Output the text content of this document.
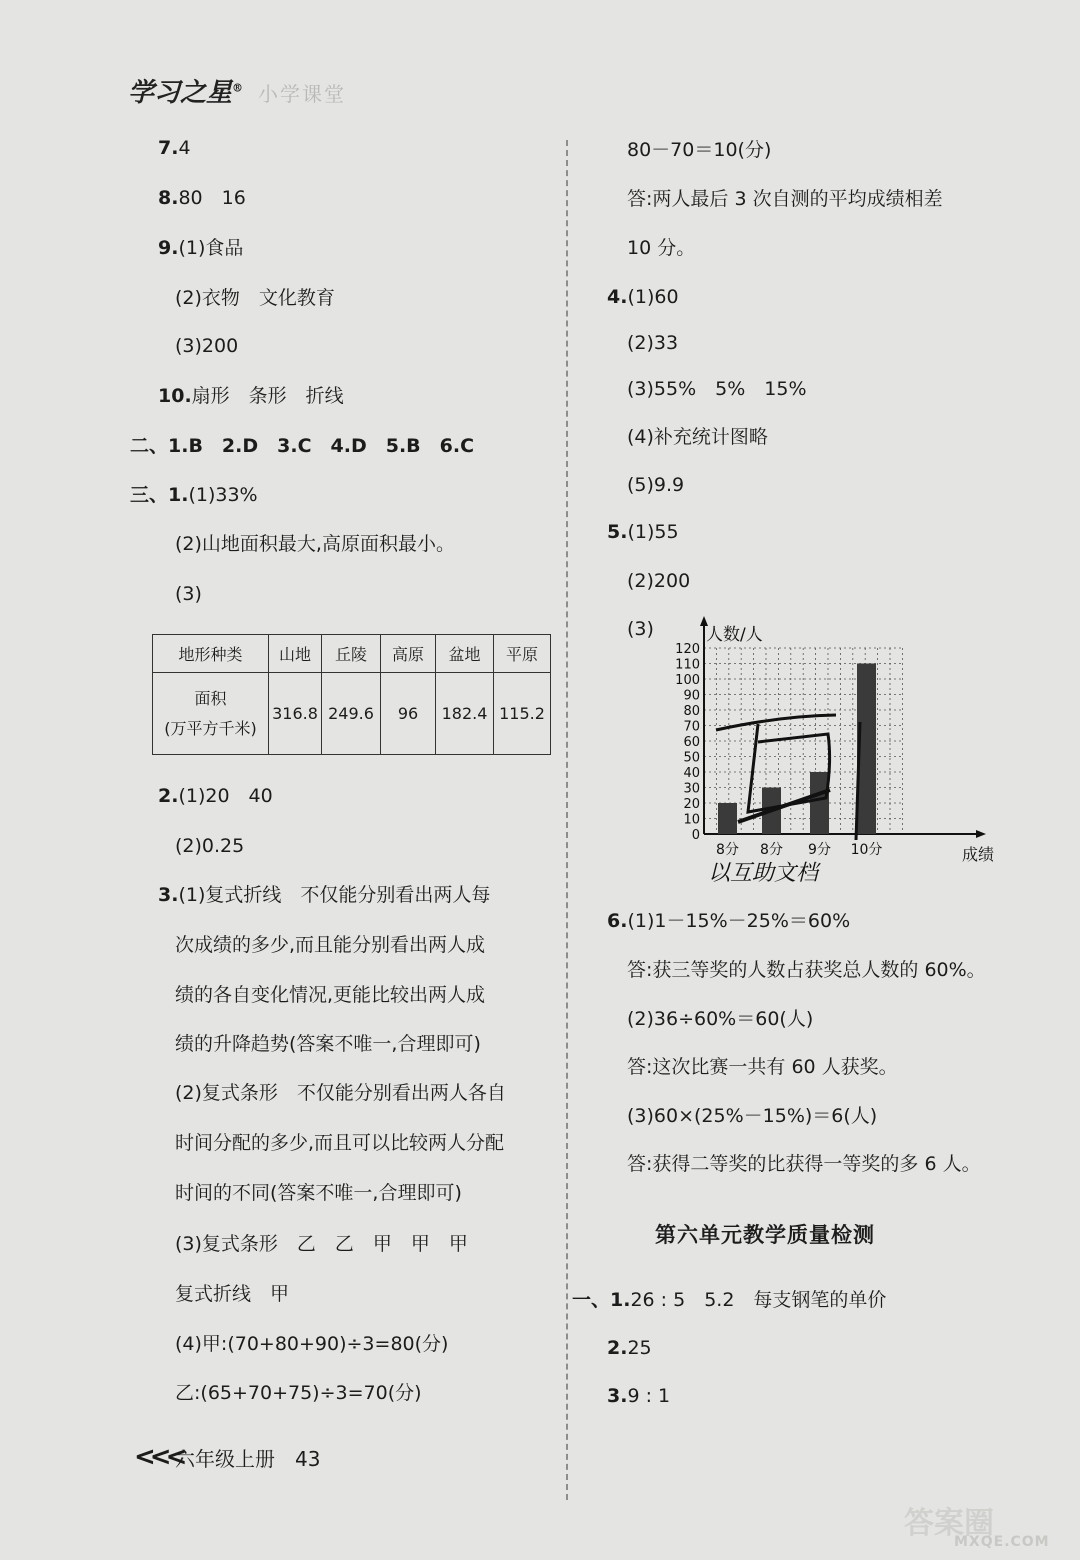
学习之星® 小学课堂
7.4
8.80　16
9.(1)食品
(2)衣物　文化教育
(3)200
10.扇形　条形　折线
二、1.B　2.D　3.C　4.D　5.B　6.C
三、1.(1)33%
(2)山地面积最大,高原面积最小。
(3)
2.(1)20　40
(2)0.25
3.(1)复式折线　不仅能分别看出两人每
次成绩的多少,而且能分别看出两人成
绩的各自变化情况,更能比较出两人成
绩的升降趋势(答案不唯一,合理即可)
(2)复式条形　不仅能分别看出两人各自
时间分配的多少,而且可以比较两人分配
时间的不同(答案不唯一,合理即可)
(3)复式条形　乙　乙　甲　甲　甲
复式折线　甲
(4)甲:(70+80+90)÷3=80(分)
乙:(65+70+75)÷3=70(分)
地形种类	山地	丘陵	高原	盆地	平原

面积
(万平方千米)	316.8	249.6	96	182.4	115.2
80－70＝10(分)
答:两人最后 3 次自测的平均成绩相差
10 分。
4.(1)60
(2)33
(3)55%　5%　15%
(4)补充统计图略
(5)9.9
5.(1)55
(2)200
(3)
6.(1)1－15%－25%＝60%
答:获三等奖的人数占获奖总人数的 60%。
(2)36÷60%＝60(人)
答:这次比赛一共有 60 人获奖。
(3)60×(25%－15%)＝6(人)
答:获得二等奖的比获得一等奖的多 6 人。
一、1.26 : 5　5.2　每支钢笔的单价
2.25
3.9 : 1
0
10
20
30
40
50
60
70
80
90
100
110
120
人数/人
成绩
8分 8分 9分 10分
以互助文档
第六单元教学质量检测
<<<
六年级上册　43
答案圈
MXQE.COM
